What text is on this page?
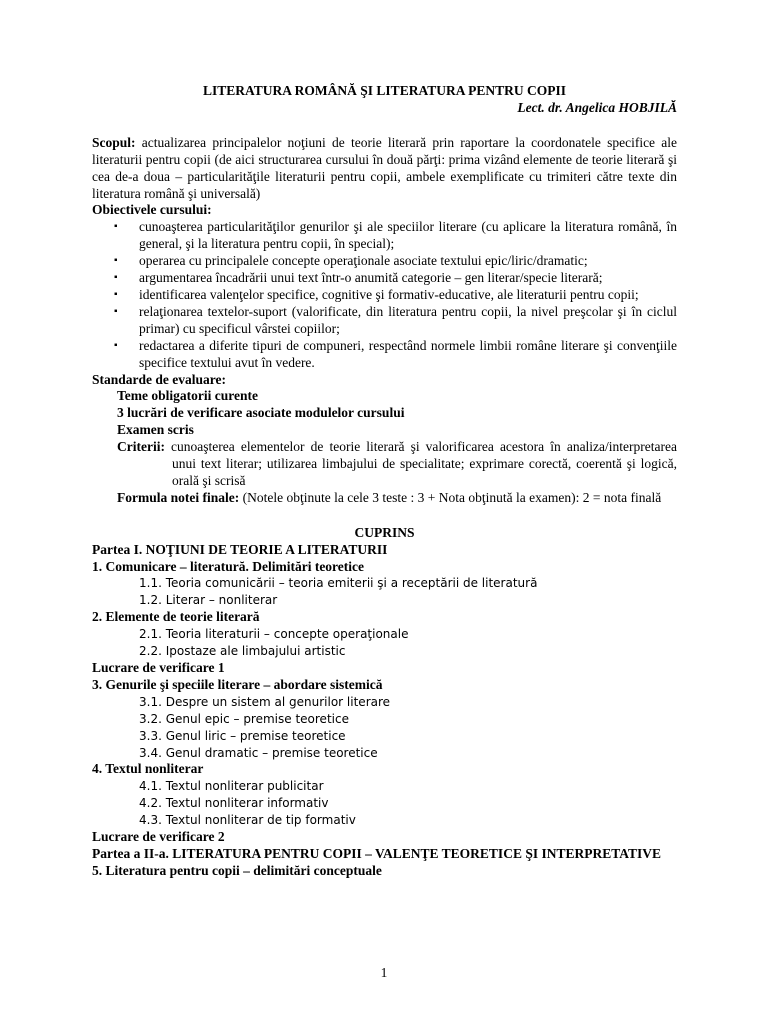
LITERATURA ROMÂNĂ ŞI LITERATURA PENTRU COPII
Lect. dr. Angelica HOBJILĂ
Scopul: actualizarea principalelor noţiuni de teorie literară prin raportare la coordonatele specifice ale literaturii pentru copii (de aici structurarea cursului în două părţi: prima vizând elemente de teorie literară şi cea de-a doua – particularităţile literaturii pentru copii, ambele exemplificate cu trimiteri către texte din literatura română şi universală)
Obiectivele cursului:
▪ cunoaşterea particularităţilor genurilor şi ale speciilor literare (cu aplicare la literatura română, în general, şi la literatura pentru copii, în special);
▪ operarea cu principalele concepte operaţionale asociate textului epic/liric/dramatic;
▪ argumentarea încadrării unui text într-o anumită categorie – gen literar/specie literară;
▪ identificarea valenţelor specifice, cognitive şi formativ-educative, ale literaturii pentru copii;
▪ relaţionarea textelor-suport (valorificate, din literatura pentru copii, la nivel preşcolar şi în ciclul primar) cu specificul vârstei copiilor;
▪ redactarea a diferite tipuri de compuneri, respectând normele limbii române literare şi convenţiile specifice textului avut în vedere.
Standarde de evaluare:
Teme obligatorii curente
3 lucrări de verificare asociate modulelor cursului
Examen scris
Criterii: cunoaşterea elementelor de teorie literară şi valorificarea acestora în analiza/interpretarea unui text literar; utilizarea limbajului de specialitate; exprimare corectă, coerentă şi logică, orală şi scrisă
Formula notei finale: (Notele obţinute la cele 3 teste : 3 + Nota obţinută la examen): 2 = nota finală
CUPRINS
Partea I. NOŢIUNI DE TEORIE A LITERATURII
1. Comunicare – literatură. Delimitări teoretice
1.1. Teoria comunicării – teoria emiterii şi a receptării de literatură
1.2. Literar – nonliterar
2. Elemente de teorie literară
2.1. Teoria literaturii – concepte operaţionale
2.2. Ipostaze ale limbajului artistic
Lucrare de verificare 1
3. Genurile şi speciile literare – abordare sistemică
3.1. Despre un sistem al genurilor literare
3.2. Genul epic – premise teoretice
3.3. Genul liric – premise teoretice
3.4. Genul dramatic – premise teoretice
4. Textul nonliterar
4.1. Textul nonliterar publicitar
4.2. Textul nonliterar informativ
4.3. Textul nonliterar de tip formativ
Lucrare de verificare 2
Partea a II-a. LITERATURA PENTRU COPII – VALENŢE TEORETICE ŞI INTERPRETATIVE
5. Literatura pentru copii – delimitări conceptuale
1
